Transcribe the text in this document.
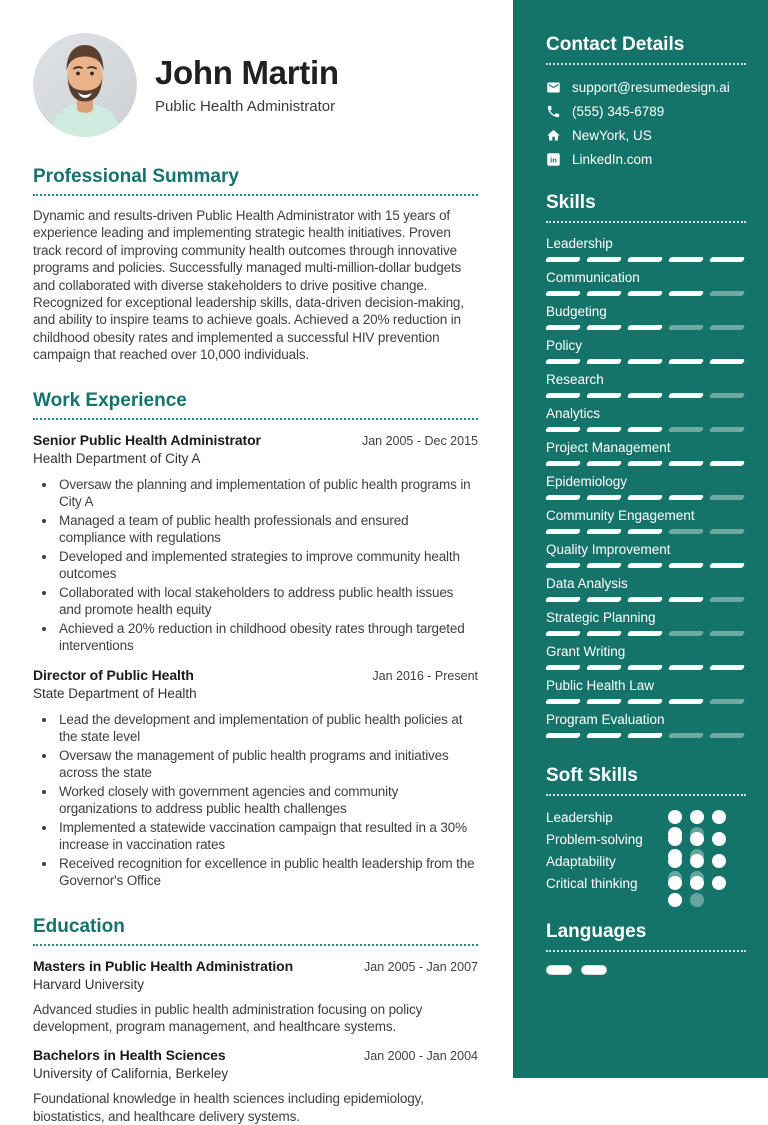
John Martin
Public Health Administrator
Professional Summary
Dynamic and results-driven Public Health Administrator with 15 years of experience leading and implementing strategic health initiatives. Proven track record of improving community health outcomes through innovative programs and policies. Successfully managed multi-million-dollar budgets and collaborated with diverse stakeholders to drive positive change. Recognized for exceptional leadership skills, data-driven decision-making, and ability to inspire teams to achieve goals. Achieved a 20% reduction in childhood obesity rates and implemented a successful HIV prevention campaign that reached over 10,000 individuals.
Work Experience
Senior Public Health Administrator	Jan 2005 - Dec 2015
Health Department of City A
• Oversaw the planning and implementation of public health programs in City A
• Managed a team of public health professionals and ensured compliance with regulations
• Developed and implemented strategies to improve community health outcomes
• Collaborated with local stakeholders to address public health issues and promote health equity
• Achieved a 20% reduction in childhood obesity rates through targeted interventions
Director of Public Health	Jan 2016 - Present
State Department of Health
• Lead the development and implementation of public health policies at the state level
• Oversaw the management of public health programs and initiatives across the state
• Worked closely with government agencies and community organizations to address public health challenges
• Implemented a statewide vaccination campaign that resulted in a 30% increase in vaccination rates
• Received recognition for excellence in public health leadership from the Governor's Office
Education
Masters in Public Health Administration	Jan 2005 - Jan 2007
Harvard University
Advanced studies in public health administration focusing on policy development, program management, and healthcare systems.
Bachelors in Health Sciences	Jan 2000 - Jan 2004
University of California, Berkeley
Foundational knowledge in health sciences including epidemiology, biostatistics, and healthcare delivery systems.
Contact Details
support@resumedesign.ai
(555) 345-6789
NewYork, US
in LinkedIn.com
Skills
Leadership
Communication
Budgeting
Policy
Research
Analytics
Project Management
Epidemiology
Community Engagement
Quality Improvement
Data Analysis
Strategic Planning
Grant Writing
Public Health Law
Program Evaluation
Soft Skills
Leadership
Problem-solving
Adaptability
Critical thinking
Languages
